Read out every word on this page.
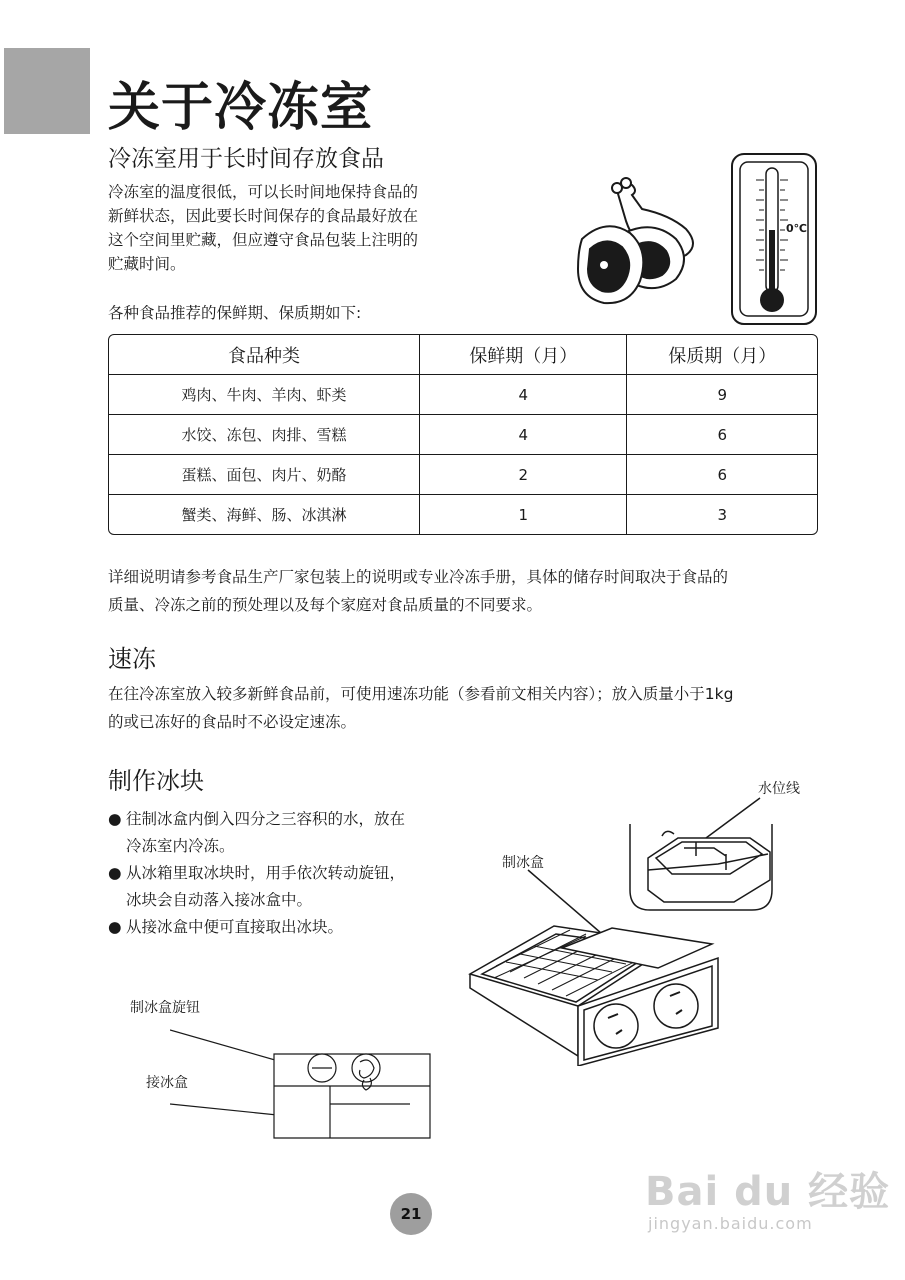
关于冷冻室
冷冻室用于长时间存放食品

冷冻室的温度很低，可以长时间地保持食品的

新鲜状态，因此要长时间保存的食品最好放在

这个空间里贮藏，但应遵守食品包装上注明的

贮藏时间。

0℃
各种食品推荐的保鲜期、保质期如下:
食品种类	保鲜期（月）	保质期（月）
鸡肉、牛肉、羊肉、虾类	4	9
水饺、冻包、肉排、雪糕	4	6
蛋糕、面包、肉片、奶酪	2	6
蟹类、海鲜、肠、冰淇淋	1	3
详细说明请参考食品生产厂家包装上的说明或专业冷冻手册，具体的储存时间取决于食品的
质量、冷冻之前的预处理以及每个家庭对食品质量的不同要求。
速冻
在往冷冻室放入较多新鲜食品前，可使用速冻功能（参看前文相关内容）；放入质量小于1kg
的或已冻好的食品时不必设定速冻。
制作冰块
● 往制冰盒内倒入四分之三容积的水，放在
冷冻室内冷冻。
● 从冰箱里取冰块时，用手依次转动旋钮，
冰块会自动落入接冰盒中。
● 从接冰盒中便可直接取出冰块。
水位线
制冰盒
制冰盒旋钮
接冰盒
21	Bai du 经验
jingyan.baidu.com
